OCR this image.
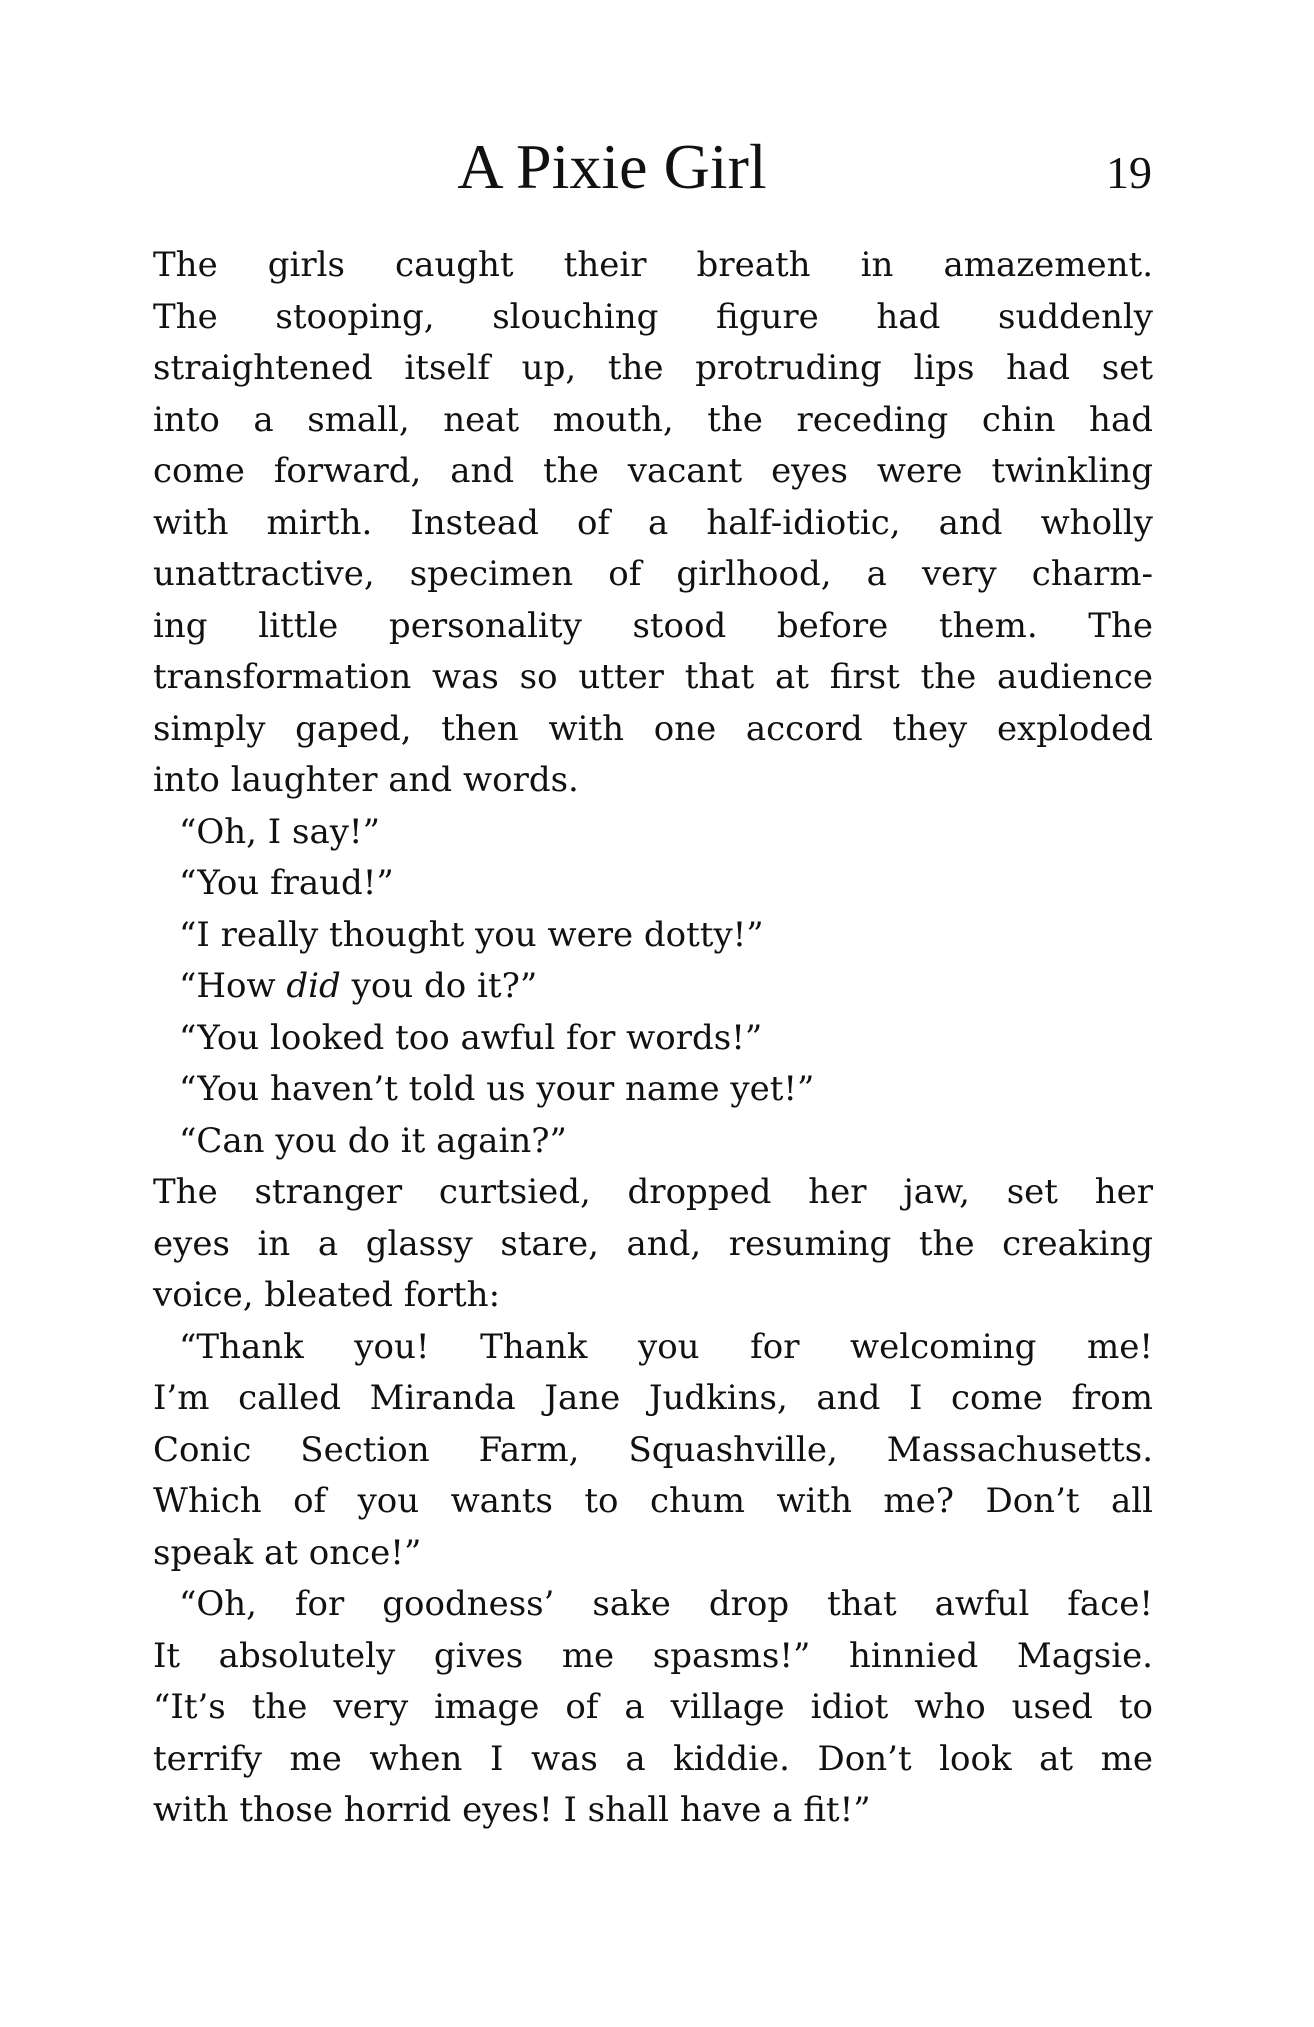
A Pixie Girl	19

The girls caught their breath in amazement.
The stooping, slouching figure had suddenly
straightened itself up, the protruding lips had set
into a small, neat mouth, the receding chin had
come forward, and the vacant eyes were twinkling
with mirth. Instead of a half-idiotic, and wholly
unattractive, specimen of girlhood, a very charm-
ing little personality stood before them. The
transformation was so utter that at first the audience
simply gaped, then with one accord they exploded
into laughter and words.

“Oh, I say!”

“You fraud!”

“I really thought you were dotty!”

“How did you do it?”

“You looked too awful for words!”

“You haven’t told us your name yet!”

“Can you do it again?”

The stranger curtsied, dropped her jaw, set her
eyes in a glassy stare, and, resuming the creaking
voice, bleated forth:

“Thank you! Thank you for welcoming me!
I’m called Miranda Jane Judkins, and I come from
Conic Section Farm, Squashville, Massachusetts.
Which of you wants to chum with me? Don’t all
speak at once!”

“Oh, for goodness’ sake drop that awful face!
It absolutely gives me spasms!” hinnied Magsie.
“It’s the very image of a village idiot who used to
terrify me when I was a kiddie. Don’t look at me
with those horrid eyes! I shall have a fit!”
